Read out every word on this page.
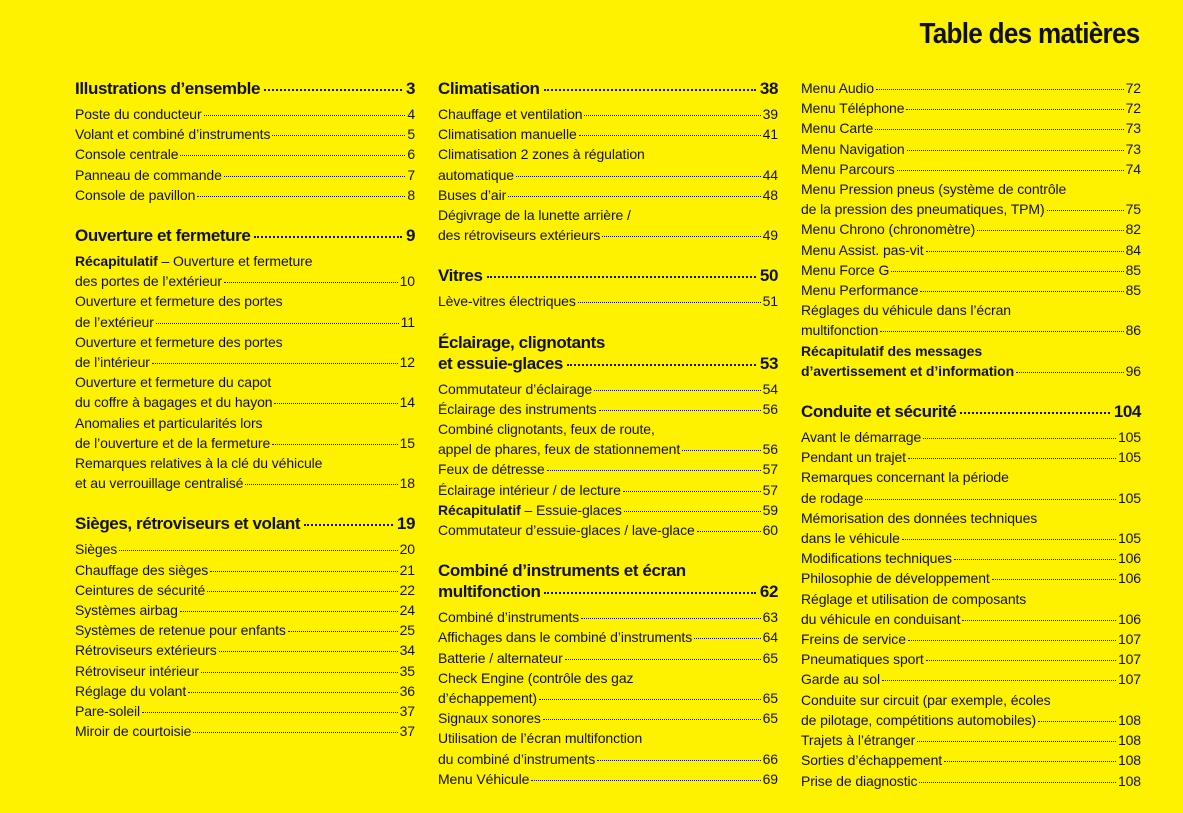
Table des matières
Illustrations d’ensemble	3
Poste du conducteur	4
Volant et combiné d’instruments	5
Console centrale	6
Panneau de commande	7
Console de pavillon	8
Ouverture et fermeture	9
Récapitulatif – Ouverture et fermeture
des portes de l’extérieur	10
Ouverture et fermeture des portes
de l’extérieur	11
Ouverture et fermeture des portes
de l’intérieur	12
Ouverture et fermeture du capot
du coffre à bagages et du hayon	14
Anomalies et particularités lors
de l’ouverture et de la fermeture	15
Remarques relatives à la clé du véhicule
et au verrouillage centralisé	18
Sièges, rétroviseurs et volant	19
Sièges	20
Chauffage des sièges	21
Ceintures de sécurité	22
Systèmes airbag	24
Systèmes de retenue pour enfants	25
Rétroviseurs extérieurs	34
Rétroviseur intérieur	35
Réglage du volant	36
Pare-soleil	37
Miroir de courtoisie	37
Climatisation	38
Chauffage et ventilation	39
Climatisation manuelle	41
Climatisation 2 zones à régulation
automatique	44
Buses d’air	48
Dégivrage de la lunette arrière /
des rétroviseurs extérieurs	49
Vitres	50
Lève-vitres électriques	51
Éclairage, clignotants
et essuie-glaces	53
Commutateur d’éclairage	54
Éclairage des instruments	56
Combiné clignotants, feux de route,
appel de phares, feux de stationnement	56
Feux de détresse	57
Éclairage intérieur / de lecture	57
Récapitulatif – Essuie-glaces	59
Commutateur d’essuie-glaces / lave-glace	60
Combiné d’instruments et écran
multifonction	62
Combiné d’instruments	63
Affichages dans le combiné d’instruments	64
Batterie / alternateur	65
Check Engine (contrôle des gaz
d’échappement)	65
Signaux sonores	65
Utilisation de l’écran multifonction
du combiné d’instruments	66
Menu Véhicule	69
Menu Audio	72
Menu Téléphone	72
Menu Carte	73
Menu Navigation	73
Menu Parcours	74
Menu Pression pneus (système de contrôle
de la pression des pneumatiques, TPM)	75
Menu Chrono (chronomètre)	82
Menu Assist. pas-vit	84
Menu Force G	85
Menu Performance	85
Réglages du véhicule dans l’écran
multifonction	86
Récapitulatif des messages
d’avertissement et d’information	96
Conduite et sécurité	104
Avant le démarrage	105
Pendant un trajet	105
Remarques concernant la période
de rodage	105
Mémorisation des données techniques
dans le véhicule	105
Modifications techniques	106
Philosophie de développement	106
Réglage et utilisation de composants
du véhicule en conduisant	106
Freins de service	107
Pneumatiques sport	107
Garde au sol	107
Conduite sur circuit (par exemple, écoles
de pilotage, compétitions automobiles)	108
Trajets à l’étranger	108
Sorties d’échappement	108
Prise de diagnostic	108
